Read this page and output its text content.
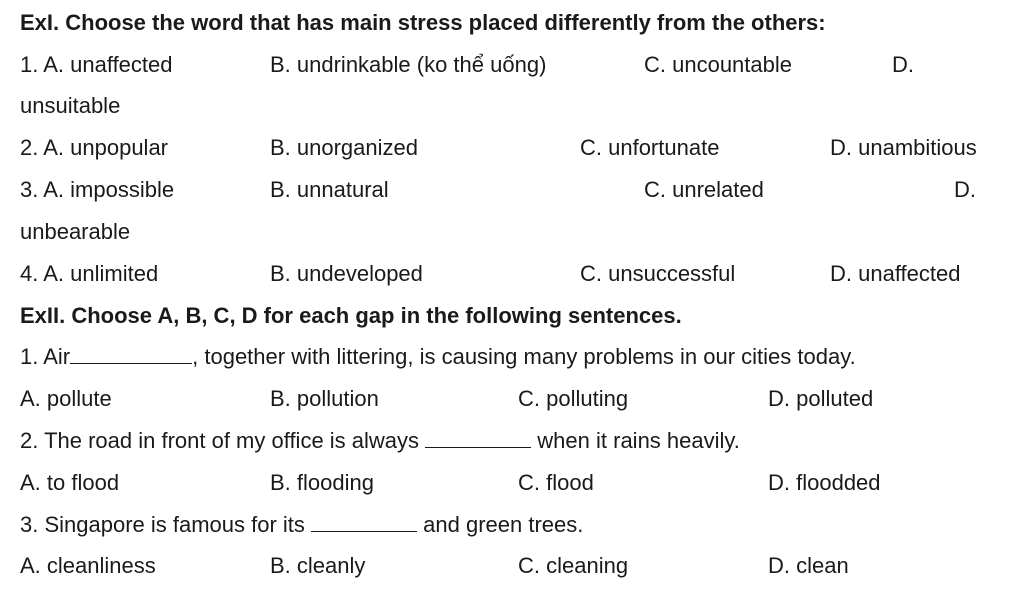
ExI. Choose the word that has main stress placed differently from the others:
1. A. unaffected	B. undrinkable (ko thể uống)	C. uncountable	D.
unsuitable
2. A. unpopular	B. unorganized	C. unfortunate	D. unambitious
3. A. impossible	B. unnatural	C. unrelated	D.
unbearable
4. A. unlimited	B. undeveloped	C. unsuccessful	D. unaffected
ExII. Choose A, B, C, D for each gap in the following sentences.
1. Air	, together with littering, is causing many problems in our cities today.
A. pollute	B. pollution	C. polluting	D. polluted
2. The road in front of my office is always	when it rains heavily.
A. to flood	B. flooding	C. flood	D. floodded
3. Singapore is famous for its	and green trees.
A. cleanliness	B. cleanly	C. cleaning	D. clean
